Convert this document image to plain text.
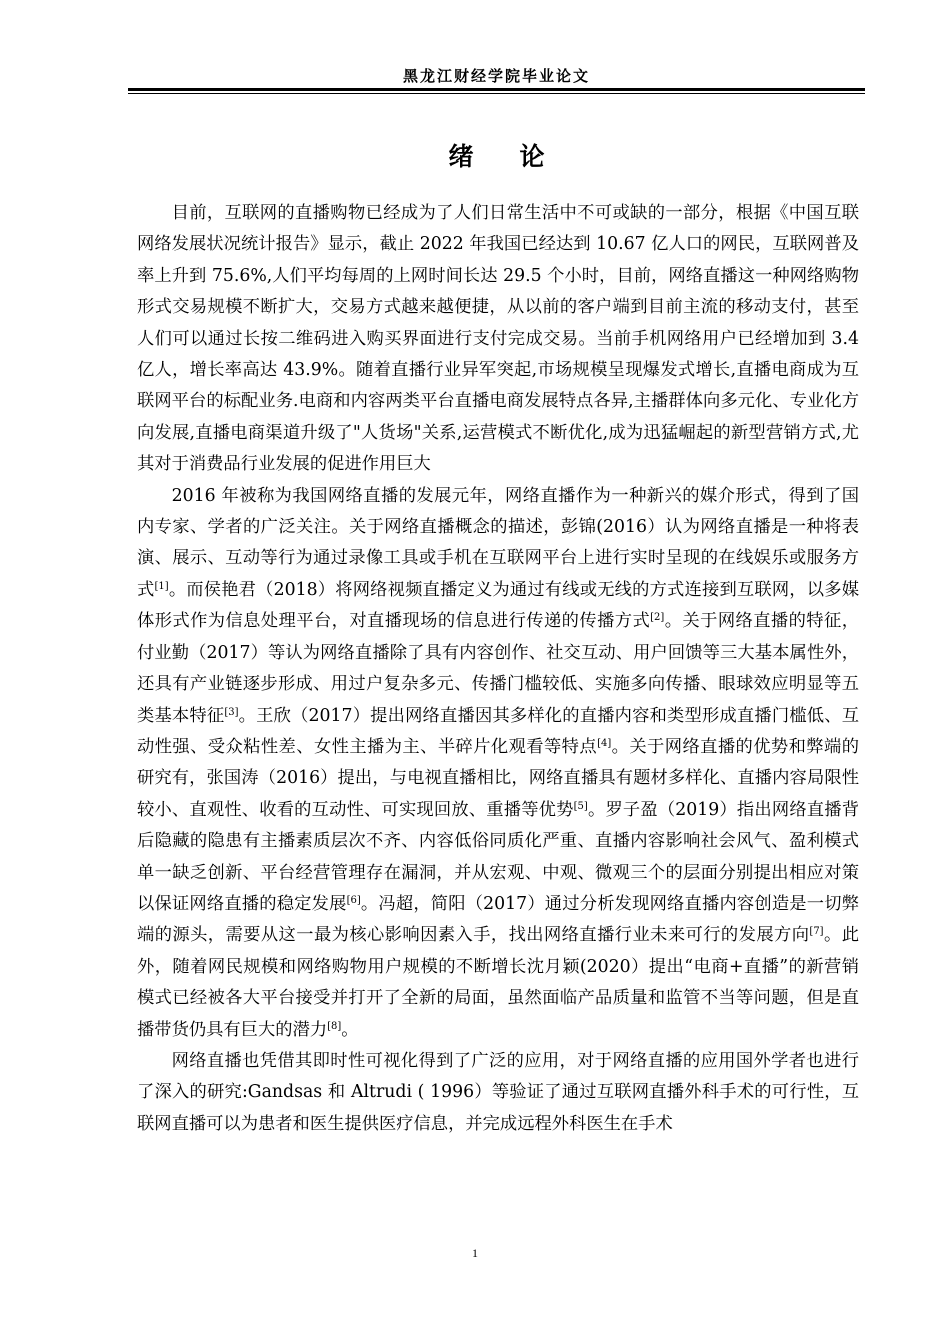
黑龙江财经学院毕业论文
绪论

目前，互联网的直播购物已经成为了人们日常生活中不可或缺的一部分，根据《中国互联网络发展状况统计报告》显示，截止 2022 年我国已经达到 10.67 亿人口的网民，互联网普及率上升到 75.6%,人们平均每周的上网时间长达 29.5 个小时，目前，网络直播这一种网络购物形式交易规模不断扩大，交易方式越来越便捷，从以前的客户端到目前主流的移动支付，甚至人们可以通过长按二维码进入购买界面进行支付完成交易。当前手机网络用户已经增加到 3.4 亿人，增长率高达 43.9%。随着直播行业异军突起,市场规模呈现爆发式增长,直播电商成为互联网平台的标配业务.电商和内容两类平台直播电商发展特点各异,主播群体向多元化、专业化方向发展,直播电商渠道升级了"人货场"关系,运营模式不断优化,成为迅猛崛起的新型营销方式,尤其对于消费品行业发展的促进作用巨大

2016 年被称为我国网络直播的发展元年，网络直播作为一种新兴的媒介形式，得到了国内专家、学者的广泛关注。关于网络直播概念的描述，彭锦(2016）认为网络直播是一种将表演、展示、互动等行为通过录像工具或手机在互联网平台上进行实时呈现的在线娱乐或服务方式[1]。而侯艳君（2018）将网络视频直播定义为通过有线或无线的方式连接到互联网，以多媒体形式作为信息处理平台，对直播现场的信息进行传递的传播方式[2]。关于网络直播的特征，付业勤（2017）等认为网络直播除了具有内容创作、社交互动、用户回馈等三大基本属性外，还具有产业链逐步形成、用过户复杂多元、传播门槛较低、实施多向传播、眼球效应明显等五类基本特征[3]。王欣（2017）提出网络直播因其多样化的直播内容和类型形成直播门槛低、互动性强、受众粘性差、女性主播为主、半碎片化观看等特点[4]。关于网络直播的优势和弊端的研究有，张国涛（2016）提出，与电视直播相比，网络直播具有题材多样化、直播内容局限性较小、直观性、收看的互动性、可实现回放、重播等优势[5]。罗子盈（2019）指出网络直播背后隐藏的隐患有主播素质层次不齐、内容低俗同质化严重、直播内容影响社会风气、盈利模式单一缺乏创新、平台经营管理存在漏洞，并从宏观、中观、微观三个的层面分别提出相应对策以保证网络直播的稳定发展[6]。冯超，简阳（2017）通过分析发现网络直播内容创造是一切弊端的源头，需要从这一最为核心影响因素入手，找出网络直播行业未来可行的发展方向[7]。此外，随着网民规模和网络购物用户规模的不断增长沈月颖(2020）提出“电商+直播”的新营销模式已经被各大平台接受并打开了全新的局面，虽然面临产品质量和监管不当等问题，但是直播带货仍具有巨大的潜力[8]。

网络直播也凭借其即时性可视化得到了广泛的应用，对于网络直播的应用国外学者也进行了深入的研究:Gandsas 和 Altrudi ( 1996）等验证了通过互联网直播外科手术的可行性，互联网直播可以为患者和医生提供医疗信息，并完成远程外科医生在手术

1
